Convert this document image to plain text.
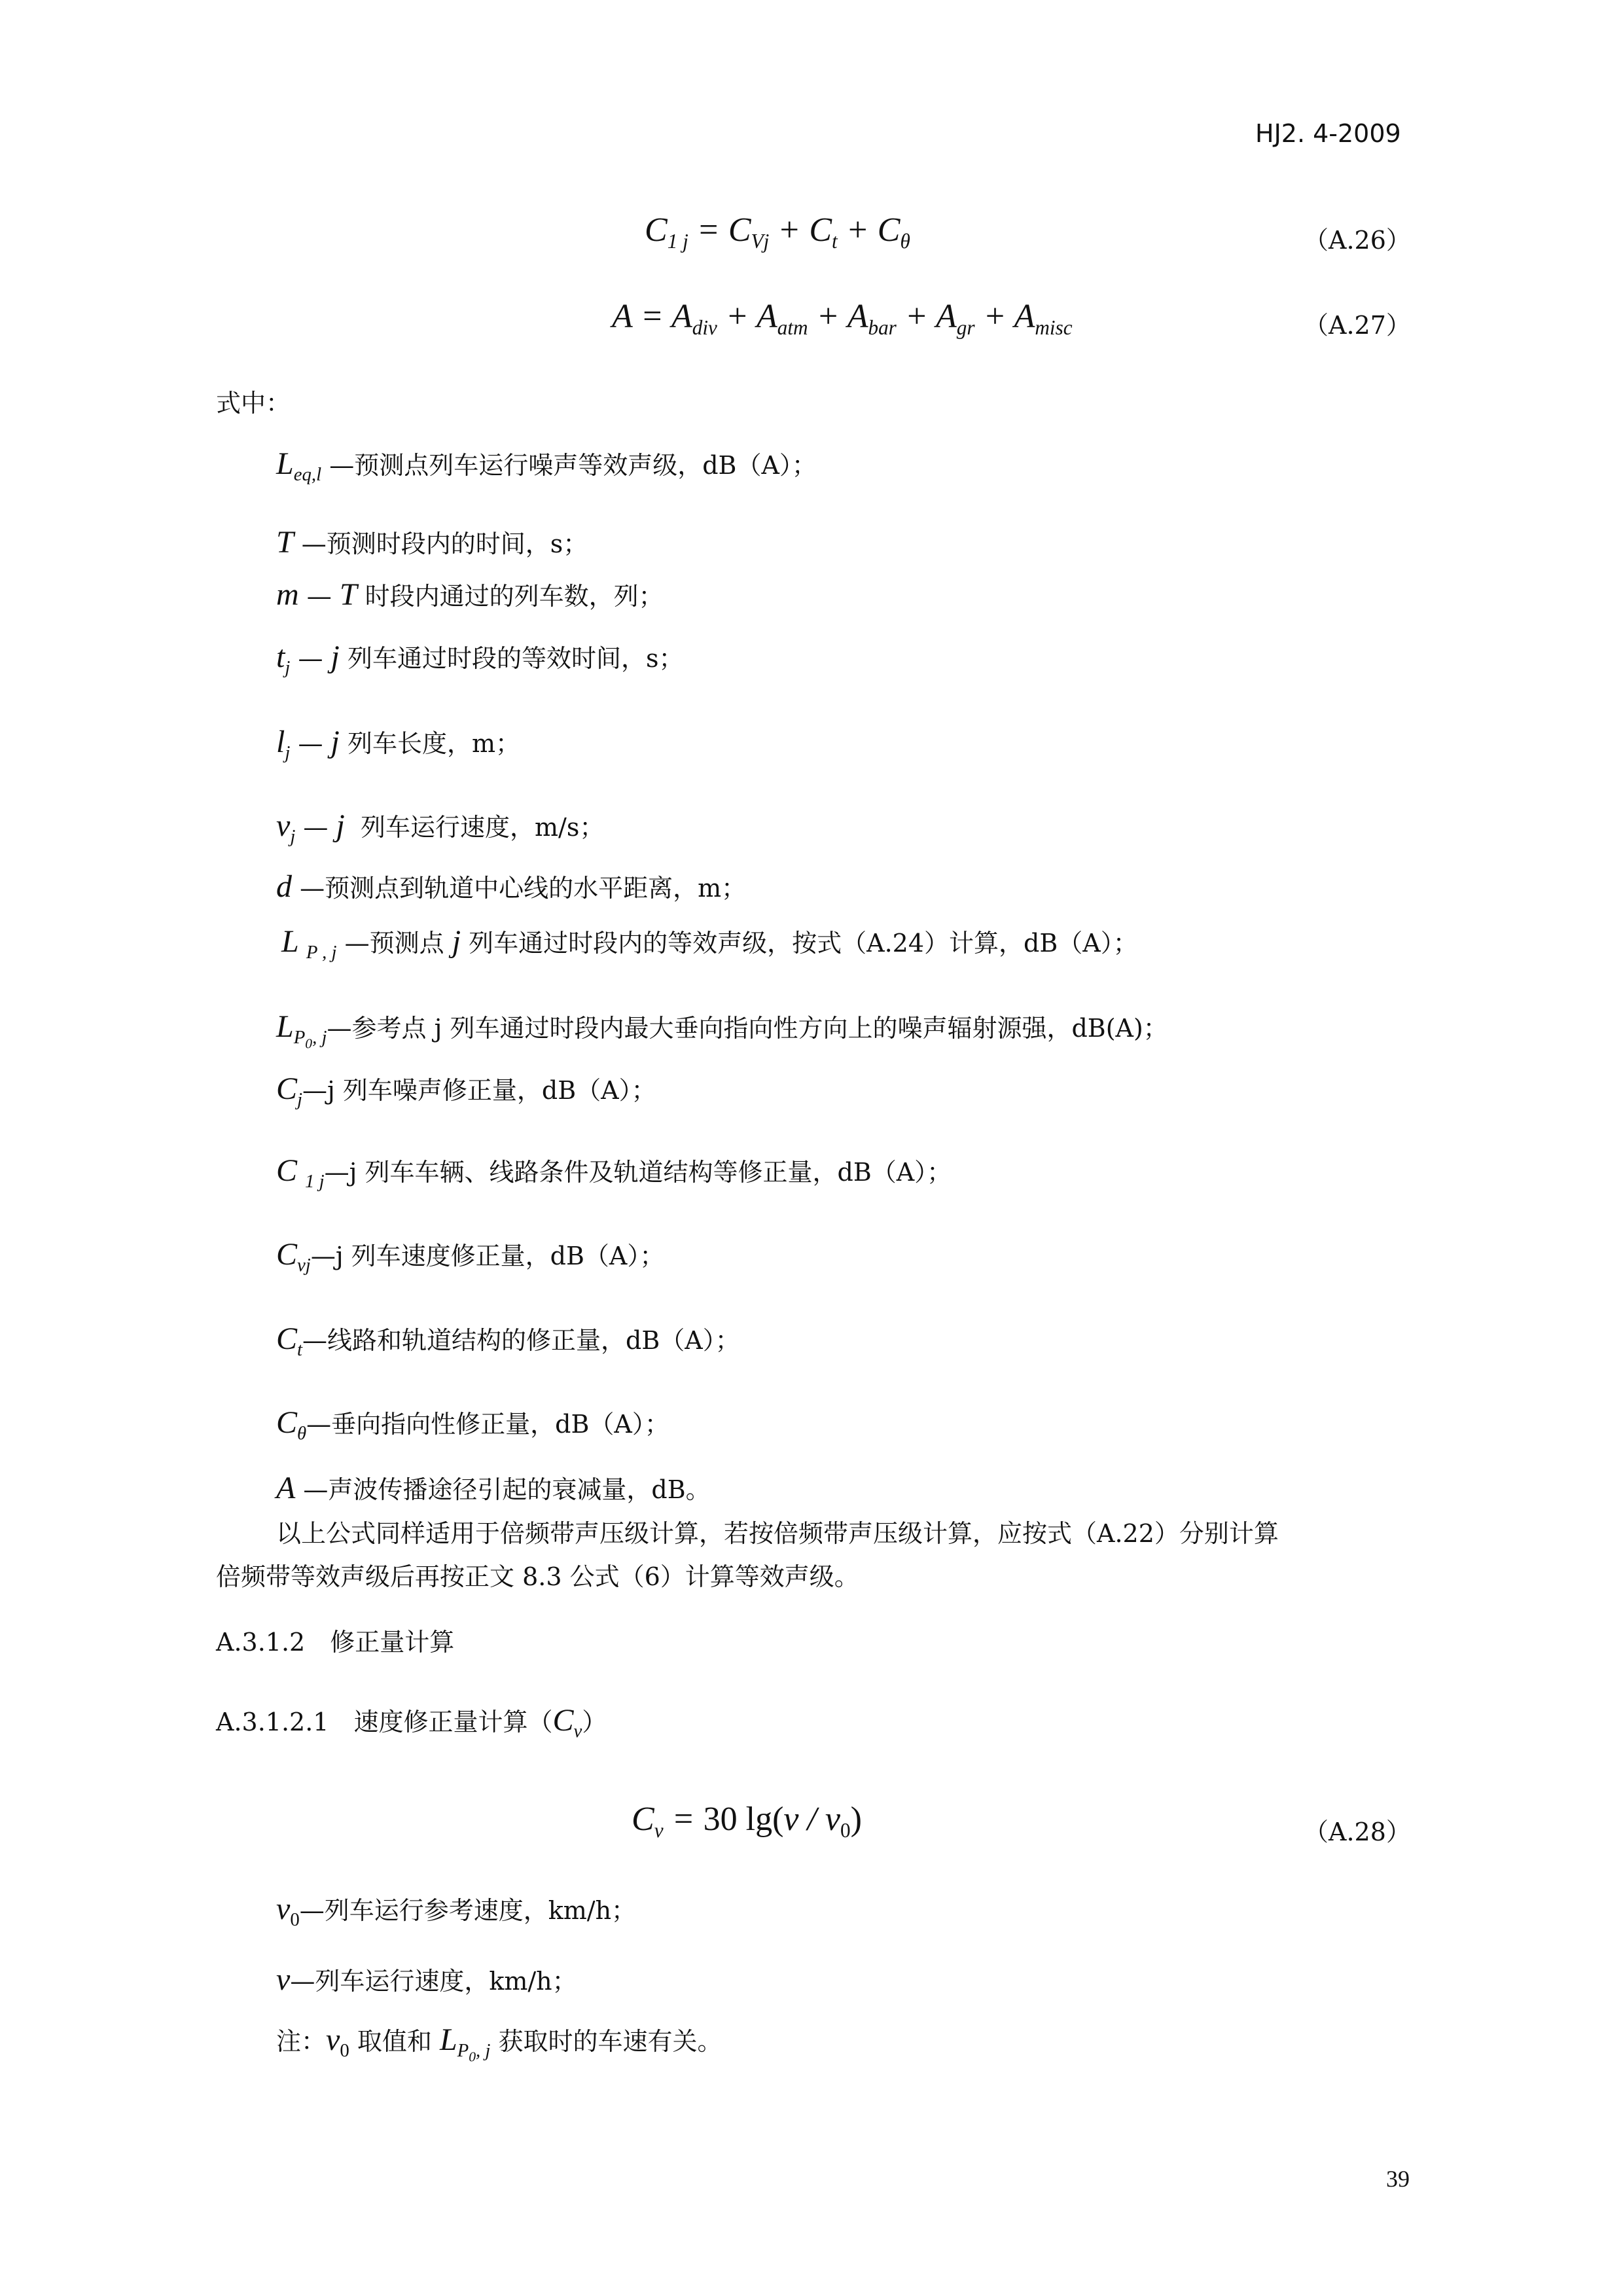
HJ2. 4-2009
$C_{1 j} = C_{Vj} + C_t + C_\theta$	（A.26）
$A = A_{div} + A_{atm} + A_{bar} + A_{gr} + A_{misc}$	（A.27）
式中：
$L_{eq,l}$ —预测点列车运行噪声等效声级，dB（A）；
T —预测时段内的时间，s；
m — T 时段内通过的列车数，列；
$t_j$ — j 列车通过时段的等效时间，s；
$l_j$ — j 列车长度，m；
$v_j$ — j 列车运行速度，m/s；
d —预测点到轨道中心线的水平距离，m；
L $_{P , j}$ —预测点 j 列车通过时段内的等效声级，按式（A.24）计算，dB（A）；
$L_{P_0, j}—$参考点 j 列车通过时段内最大垂向指向性方向上的噪声辐射源强，dB(A)；
$C_j—j$ 列车噪声修正量，dB（A）；
C $_{1 j}$—j 列车车辆、线路条件及轨道结构等修正量，dB（A）；
$C_{vj}—j$ 列车速度修正量，dB（A）；
$C_t—$线路和轨道结构的修正量，dB（A）；
$C_\theta—$垂向指向性修正量，dB（A）；
A —声波传播途径引起的衰减量，dB。
以上公式同样适用于倍频带声压级计算，若按倍频带声压级计算，应按式（A.22）分别计算
倍频带等效声级后再按正文 8.3 公式（6）计算等效声级。
A.3.1.2　修正量计算
A.3.1.2.1　速度修正量计算$(C_v)$
$C_v = 30$ $\lg(v / v_0)$	（A.28）
$v_0—$列车运行参考速度，km/h；
v—列车运行速度，km/h；
注：$v_0$ 取值和 $L_{P_0, j}$ 获取时的车速有关。
39
